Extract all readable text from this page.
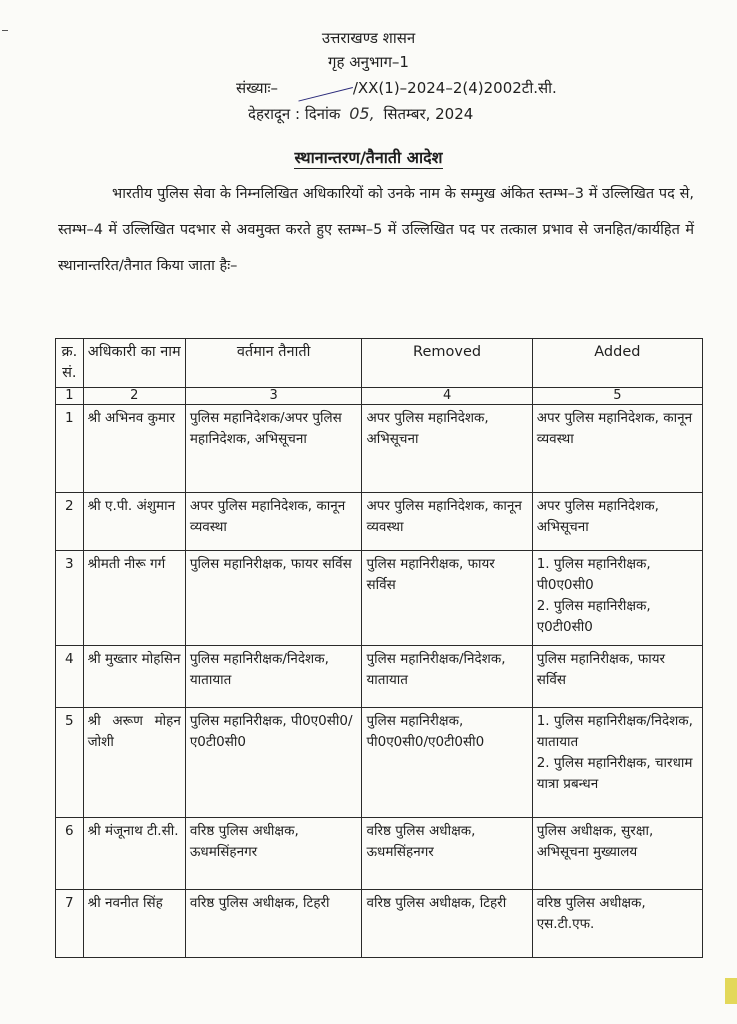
उत्तराखण्ड शासन
गृह अनुभाग–1
संख्याः–	/XX(1)–2024–2(4)2002टी.सी.
देहरादून : दिनांक 05, सितम्बर, 2024
स्थानान्तरण/तैनाती आदेश
भारतीय पुलिस सेवा के निम्नलिखित अधिकारियों को उनके नाम के सम्मुख अंकित स्तम्भ–3 में उल्लिखित पद से, स्तम्भ–4 में उल्लिखित पदभार से अवमुक्त करते हुए स्तम्भ–5 में उल्लिखित पद पर तत्काल प्रभाव से जनहित/कार्यहित में स्थानान्तरित/तैनात किया जाता हैः–
क्र. सं.	अधिकारी का नाम	वर्तमान तैनाती	Removed	Added
1	2	3	4	5
1	श्री अभिनव कुमार	पुलिस महानिदेशक/अपर पुलिस महानिदेशक, अभिसूचना	अपर पुलिस महानिदेशक, अभिसूचना	अपर पुलिस महानिदेशक, कानून व्यवस्था
2	श्री ए.पी. अंशुमान	अपर पुलिस महानिदेशक, कानून व्यवस्था	अपर पुलिस महानिदेशक, कानून व्यवस्था	अपर पुलिस महानिदेशक, अभिसूचना
3	श्रीमती नीरू गर्ग	पुलिस महानिरीक्षक, फायर सर्विस	पुलिस महानिरीक्षक, फायर सर्विस	1. पुलिस महानिरीक्षक, पी0ए0सी0
2. पुलिस महानिरीक्षक, ए0टी0सी0

4	श्री मुख्तार मोहसिन	पुलिस महानिरीक्षक/निदेशक, यातायात	पुलिस महानिरीक्षक/निदेशक, यातायात	पुलिस महानिरीक्षक, फायर सर्विस
5	श्री अरूण मोहन जोशी	पुलिस महानिरीक्षक, पी0ए0सी0/ए0टी0सी0	पुलिस महानिरीक्षक, पी0ए0सी0/ए0टी0सी0	1. पुलिस महानिरीक्षक/निदेशक, यातायात
2. पुलिस महानिरीक्षक, चारधाम यात्रा प्रबन्धन

6	श्री मंजूनाथ टी.सी.	वरिष्ठ पुलिस अधीक्षक, ऊधमसिंहनगर	वरिष्ठ पुलिस अधीक्षक, ऊधमसिंहनगर	पुलिस अधीक्षक, सुरक्षा, अभिसूचना मुख्यालय
7	श्री नवनीत सिंह	वरिष्ठ पुलिस अधीक्षक, टिहरी	वरिष्ठ पुलिस अधीक्षक, टिहरी	वरिष्ठ पुलिस अधीक्षक, एस.टी.एफ.
